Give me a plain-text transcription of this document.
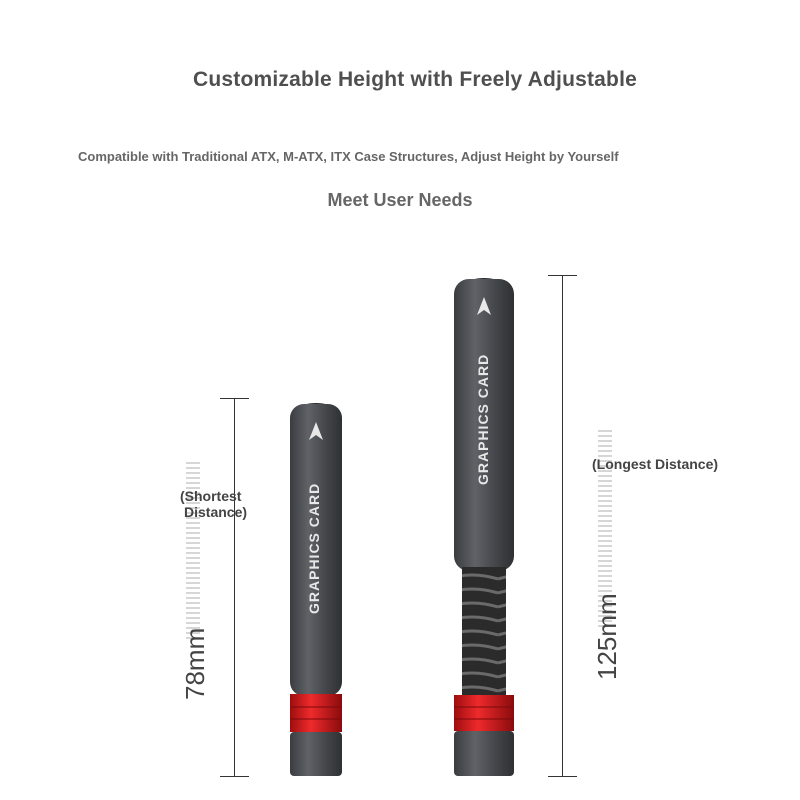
Customizable Height with Freely Adjustable
Compatible with Traditional ATX, M-ATX, ITX Case Structures, Adjust Height by Yourself
Meet User Needs
(Shortest
Distance)
78mm
(Longest Distance)
125mm
GRAPHICS CARD
GRAPHICS CARD
